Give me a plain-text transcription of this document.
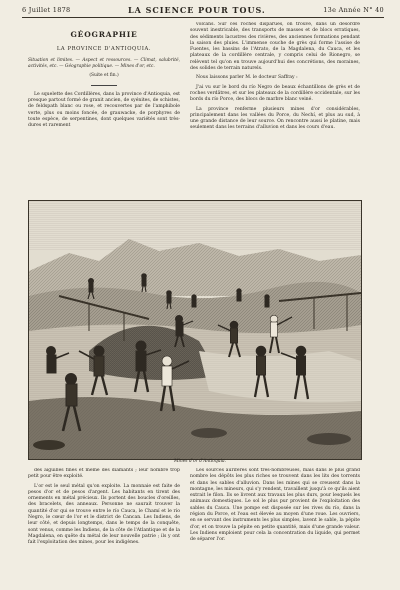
6 Juillet 1878	LA SCIENCE POUR TOUS.	13e Année N° 40
GÉOGRAPHIE
LA PROVINCE D'ANTIOQUIA.

Situation et limites. — Aspect et ressources. — Climat, salubrité, activités, etc. — Géographie politique. — Mines d'or, etc.

(Suite et fin.)

Le squelette des Cordillères, dans la province d'Antioquia, est presque partout formé de granit ancien, de syénites, de schistes, de feldspath blanc ou rose, et recouvertes par de l'amphibole verte, plus ou moins foncée, de grauwacke, de porphyres de toute espèce, de serpentines, dont quelques variétés sont très-dures et rarement

volcans. Sur ces roches disparues, on trouve, dans un désordre souvent inextricable, des transports de masses et de blocs erratiques, des sédiments lacustres des rivières, des anciennes formations pendant la saison des pluies. L'immense couche de grès qui forme l'assise de Fuentes, les bassins de l'Atrato, de la Magdalena, du Cauca, et les plateaux de la cordillère centrale, y compris celui de Rionegro, se relèvent tel qu'on en trouve aujourd'hui des concrétions, des moraines, des solides de terrain naturels.

Nous laissons parler M. le docteur Saffray :

J'ai vu sur le bord du río Negro de beaux échantillons de grès et de roches verdâtres, et sur les plateaux de la cordillère occidentale, sur les bords du río Porce, des blocs de marbre blanc veiné.

La province renferme plusieurs mines d'or considérables, principalement dans les vallées du Porce, du Nechí, et plus au sud, à une grande distance de leur source. On rencontre aussi le platine, mais seulement dans les terrains d'alluvion et dans les cours d'eau.

Mines d'or d'Antioquia.

des aiguilles fines et même des diamants ; leur nombre trop petit pour être exploité.

L'or est le seul métal qu'on exploite. La monnaie est faite de pesos d'or et de pesos d'argent. Les habitants en tirent des ornements en métal précieux. Ils portent des boucles d'oreilles, des bracelets, des anneaux. Personne ne saurait trouver la quantité d'or qui se trouve entre le río Cauca, le Chamí et le río Negro, le cœur de l'or et le district de Cancan. Les Indiens, de leur côté, et depuis longtemps, dans le temps de la conquête, sont venus, comme les Indiens, de la côte de l'Atlantique et de la Magdalena, en quête du métal de leur nouvelle patrie ; ils y ont fait l'exploitation des mines, pour les indigènes.

Les sources aurifères sont très-nombreuses, mais dans le plus grand nombre les dépôts les plus riches se trouvent dans les lits des torrents et dans les sables d'alluvion. Dans les mines qui se creusent dans la montagne, les mineurs, qui s'y rendent, travaillent jusqu'à ce qu'ils aient extrait le filon. Ils se livrent aux travaux les plus durs, pour lesquels les animaux domestiques. Le sol le plus pur provient de l'exploitation des sables du Cauca. Une pompe est disposée sur les rives du río, dans la région du Porce, et l'eau est élevée au moyen d'une roue. Les ouvriers, en se servant des instruments les plus simples, lavent le sable, la pépite d'or, et on trouve la pépite en petite quantité, mais d'une grande valeur. Les Indiens emploient pour cela la concentration du liquide, qui permet de séparer l'or.
